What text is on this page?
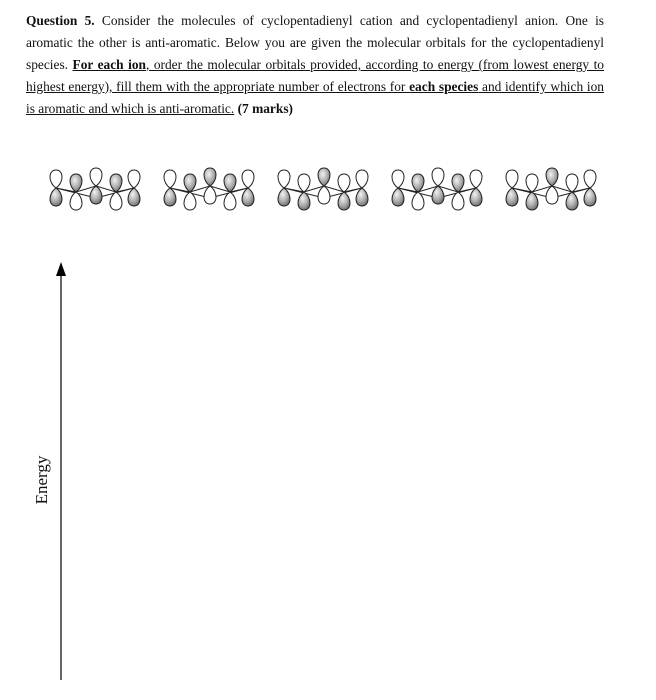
Question 5. Consider the molecules of cyclopentadienyl cation and cyclopentadienyl anion. One is aromatic the other is anti-aromatic. Below you are given the molecular orbitals for the cyclopentadienyl species. For each ion, order the molecular orbitals provided, according to energy (from lowest energy to highest energy), fill them with the appropriate number of electrons for each species and identify which ion is aromatic and which is anti-aromatic. (7 marks)

Energy
